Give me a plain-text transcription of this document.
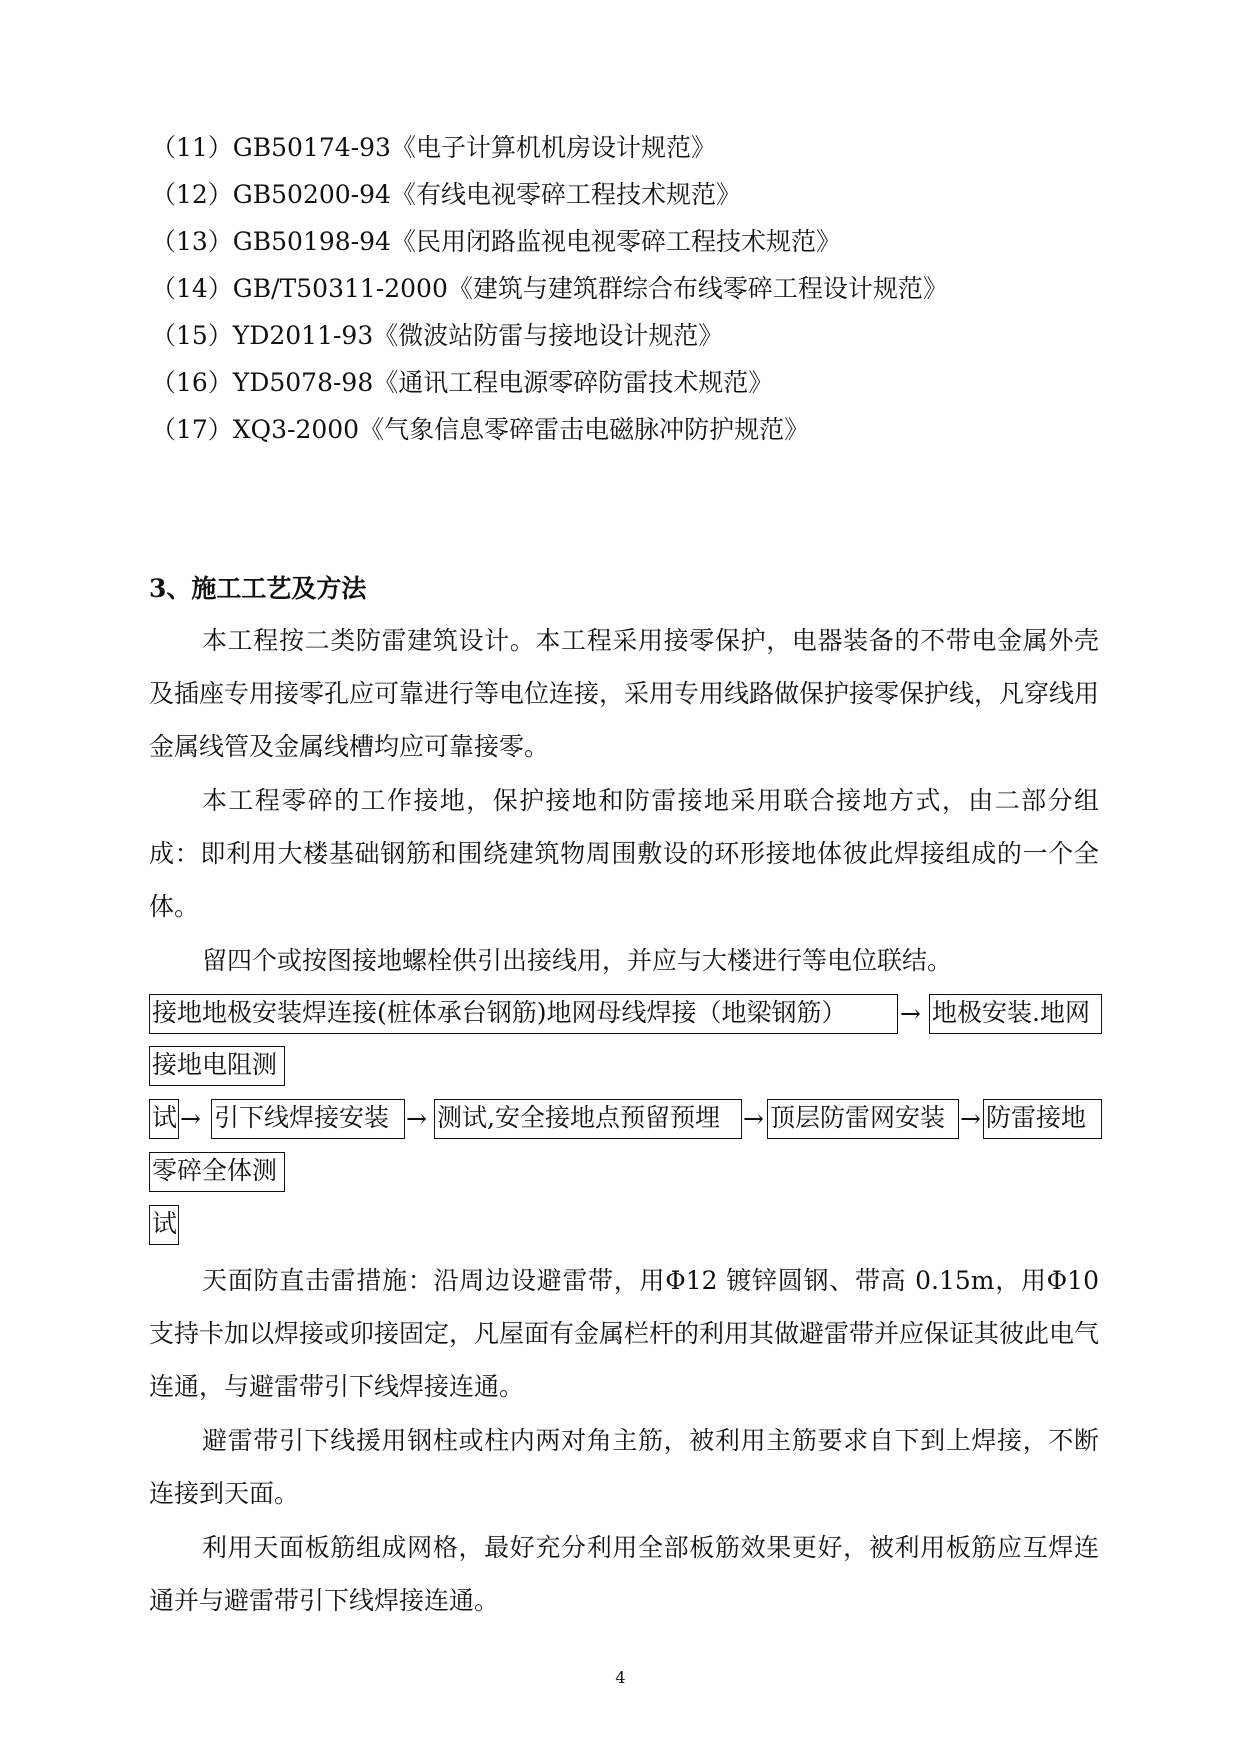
（11）GB50174-93《电子计算机机房设计规范》
（12）GB50200-94《有线电视零碎工程技术规范》
（13）GB50198-94《民用闭路监视电视零碎工程技术规范》
（14）GB/T50311-2000《建筑与建筑群综合布线零碎工程设计规范》
（15）YD2011-93《微波站防雷与接地设计规范》
（16）YD5078-98《通讯工程电源零碎防雷技术规范》
（17）XQ3-2000《气象信息零碎雷击电磁脉冲防护规范》
3、施工工艺及方法
本工程按二类防雷建筑设计。本工程采用接零保护，电器装备的不带电金属外壳及插座专用接零孔应可靠进行等电位连接，采用专用线路做保护接零保护线，凡穿线用金属线管及金属线槽均应可靠接零。
本工程零碎的工作接地，保护接地和防雷接地采用联合接地方式，由二部分组成：即利用大楼基础钢筋和围绕建筑物周围敷设的环形接地体彼此焊接组成的一个全体。
留四个或按图接地螺栓供引出接线用，并应与大楼进行等电位联结。
接地地极安装焊连接(桩体承台钢筋)地网母线焊接（地梁钢筋）	→ 地极安装.地网
接地电阻测
试 → 引下线焊接安装 → 测试,安全接地点预留预埋 → 顶层防雷网安装 → 防雷接地
零碎全体测
试
天面防直击雷措施：沿周边设避雷带，用Φ12 镀锌圆钢、带高 0.15m，用Φ10 支持卡加以焊接或卯接固定，凡屋面有金属栏杆的利用其做避雷带并应保证其彼此电气连通，与避雷带引下线焊接连通。
避雷带引下线援用钢柱或柱内两对角主筋，被利用主筋要求自下到上焊接，不断连接到天面。
利用天面板筋组成网格，最好充分利用全部板筋效果更好，被利用板筋应互焊连通并与避雷带引下线焊接连通。
4
